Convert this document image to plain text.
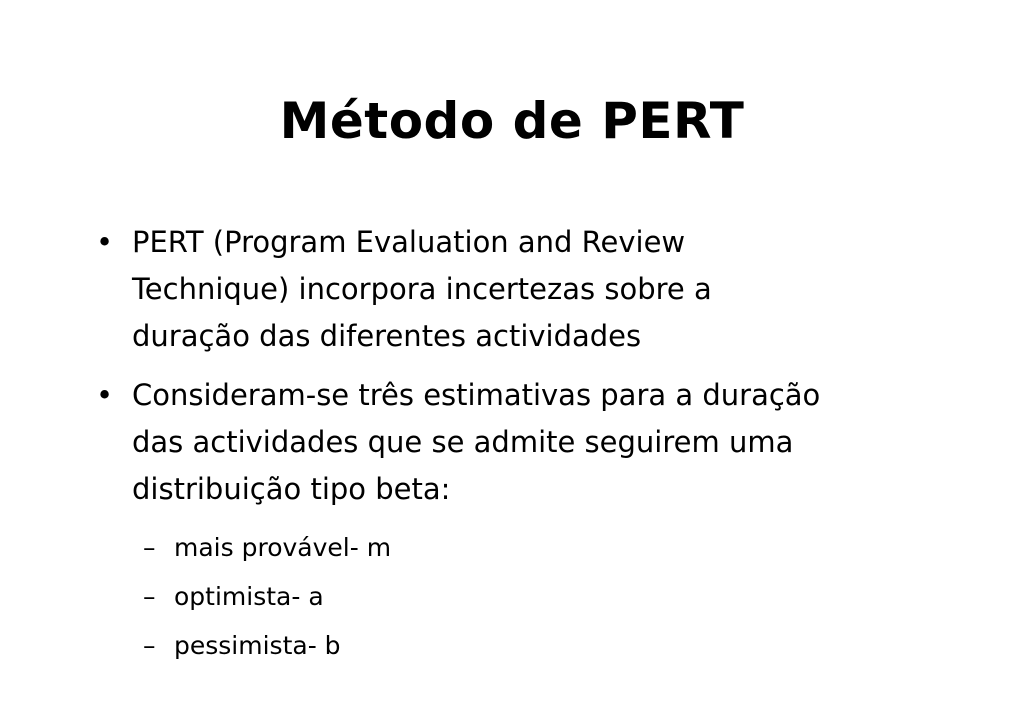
Método de PERT
• PERT (Program Evaluation and Review
Technique) incorpora incertezas sobre a
duração das diferentes actividades

• Consideram-se três estimativas para a duração
das actividades que se admite seguirem uma
distribuição tipo beta:

– mais provável- m

– optimista- a

– pessimista- b
